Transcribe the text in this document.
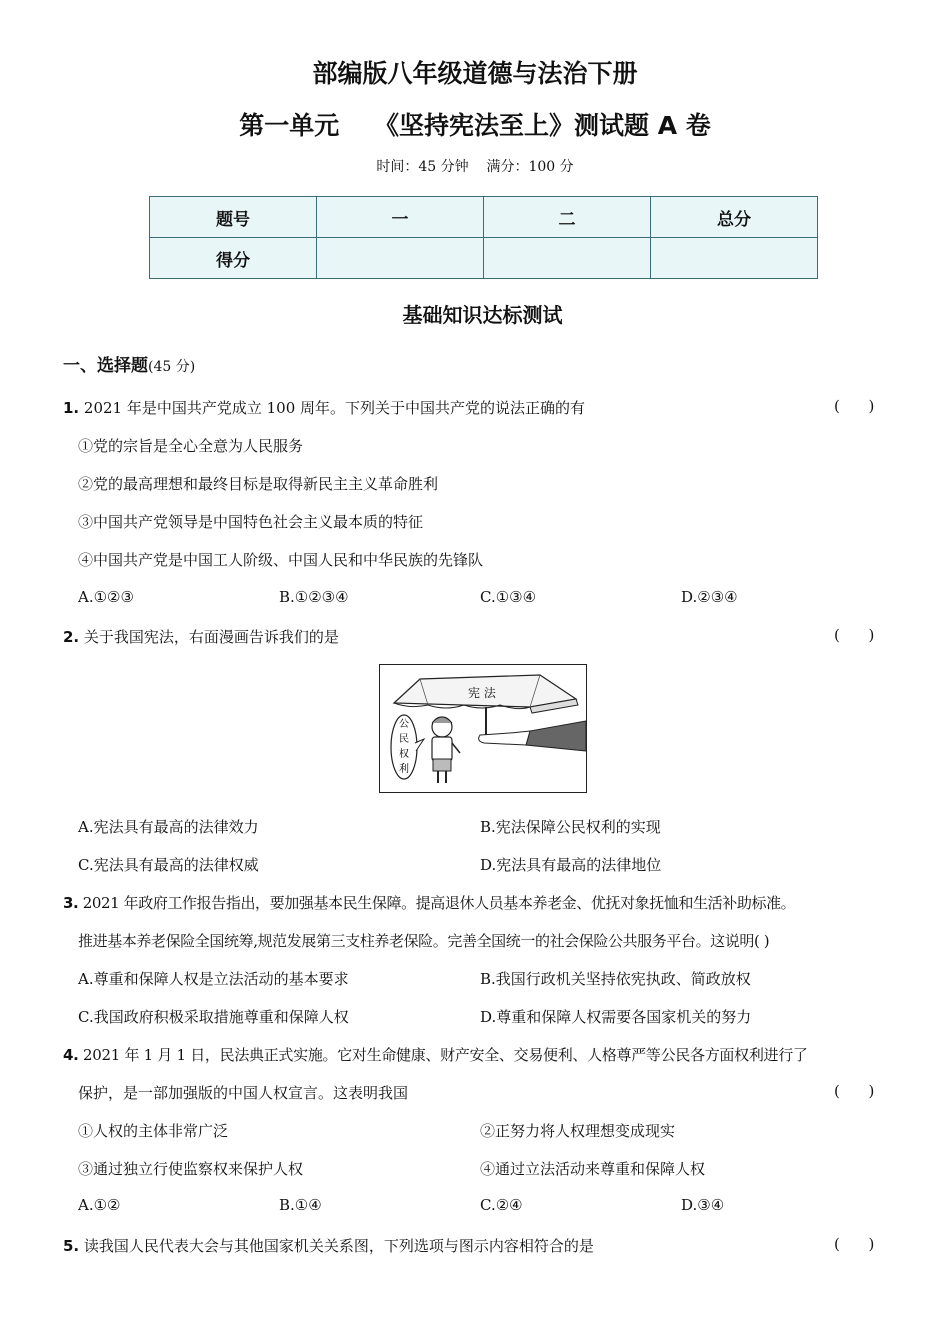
部编版八年级道德与法治下册
第一单元    《坚持宪法至上》测试题 A 卷
时间：45 分钟    满分：100 分
题号	一	二	总分
得分			
基础知识达标测试
一、选择题(45 分)
1. 2021 年是中国共产党成立 100 周年。下列关于中国共产党的说法正确的有	(      )
①党的宗旨是全心全意为人民服务
②党的最高理想和最终目标是取得新民主主义革命胜利
③中国共产党领导是中国特色社会主义最本质的特征
④中国共产党是中国工人阶级、中国人民和中华民族的先锋队
A.①②③	B.①②③④	C.①③④	D.②③④
2. 关于我国宪法，右面漫画告诉我们的是	(      )
宪 法
公
民
权
利
A.宪法具有最高的法律效力	B.宪法保障公民权利的实现
C.宪法具有最高的法律权威	D.宪法具有最高的法律地位
3. 2021 年政府工作报告指出，要加强基本民生保障。提高退休人员基本养老金、优抚对象抚恤和生活补助标准。
推进基本养老保险全国统筹,规范发展第三支柱养老保险。完善全国统一的社会保险公共服务平台。这说明( )
A.尊重和保障人权是立法活动的基本要求	B.我国行政机关坚持依宪执政、简政放权
C.我国政府积极采取措施尊重和保障人权	D.尊重和保障人权需要各国家机关的努力
4. 2021 年 1 月 1 日，民法典正式实施。它对生命健康、财产安全、交易便利、人格尊严等公民各方面权利进行了
保护，是一部加强版的中国人权宣言。这表明我国	(      )
①人权的主体非常广泛	②正努力将人权理想变成现实
③通过独立行使监察权来保护人权	④通过立法活动来尊重和保障人权
A.①②	B.①④	C.②④	D.③④
5. 读我国人民代表大会与其他国家机关关系图，下列选项与图示内容相符合的是	(      )
